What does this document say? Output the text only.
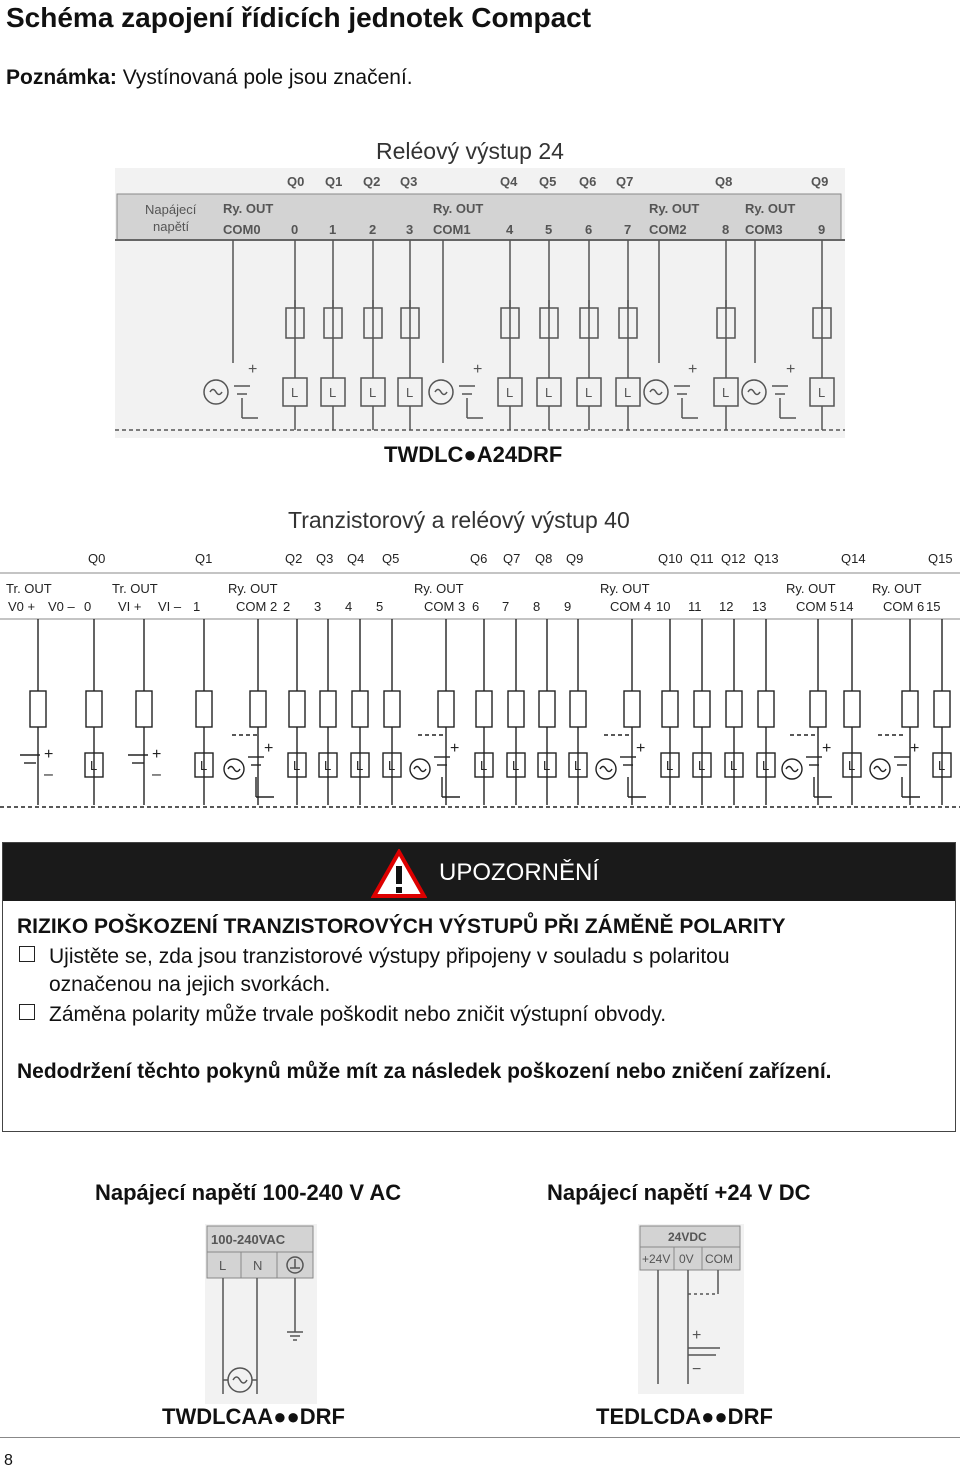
Schéma zapojení řídicích jednotek Compact
Poznámka: Vystínovaná pole jsou značení.
Reléový výstup 24
Q0 Q1 Q2 Q3	Q4 Q5 Q6 Q7	Q8	Q9
Ry. OUT
COM0
Ry. OUT
COM1
Ry. OUT
COM2
Ry. OUT
COM3
0 1	2 3	4 5	6 7	8	9
L L	L L	L L	L L	L	L
+	+	+	+
Napájecí
napětí
TWDLC●A24DRF
Tranzistorový a reléový výstup 40
Q0	Q1	Q2 Q3 Q4 Q5	Q6 Q7 Q8 Q9	Q10 Q11 Q12 Q13	Q14	Q15
Tr. OUT	Tr. OUT	Ry. OUT	Ry. OUT	Ry. OUT	Ry. OUT	Ry. OUT
V0 + V0 – 0 VI + VI – 1	COM 2 2 3 4 5	COM 3 6 7 8 9	COM 4 10 11 12 13 COM 5 14 COM 6 15
+
–
+
–
L	L	L L L L	L L L L	L L L L	L	L
+	+	+	+	+
UPOZORNĚNÍ
RIZIKO POŠKOZENÍ TRANZISTOROVÝCH VÝSTUPŮ PŘI ZÁMĚNĚ POLARITY
Ujistěte se, zda jsou tranzistorové výstupy připojeny v souladu s polaritou
označenou na jejich svorkách.
Záměna polarity může trvale poškodit nebo zničit výstupní obvody.
Nedodržení těchto pokynů může mít za následek poškození nebo zničení zařízení.
Napájecí napětí 100-240 V AC
100-240VAC
L N
TWDLCAA●●DRF
Napájecí napětí +24 V DC
24VDC
+24V 0V COM
+
−
TEDLCDA●●DRF
8
